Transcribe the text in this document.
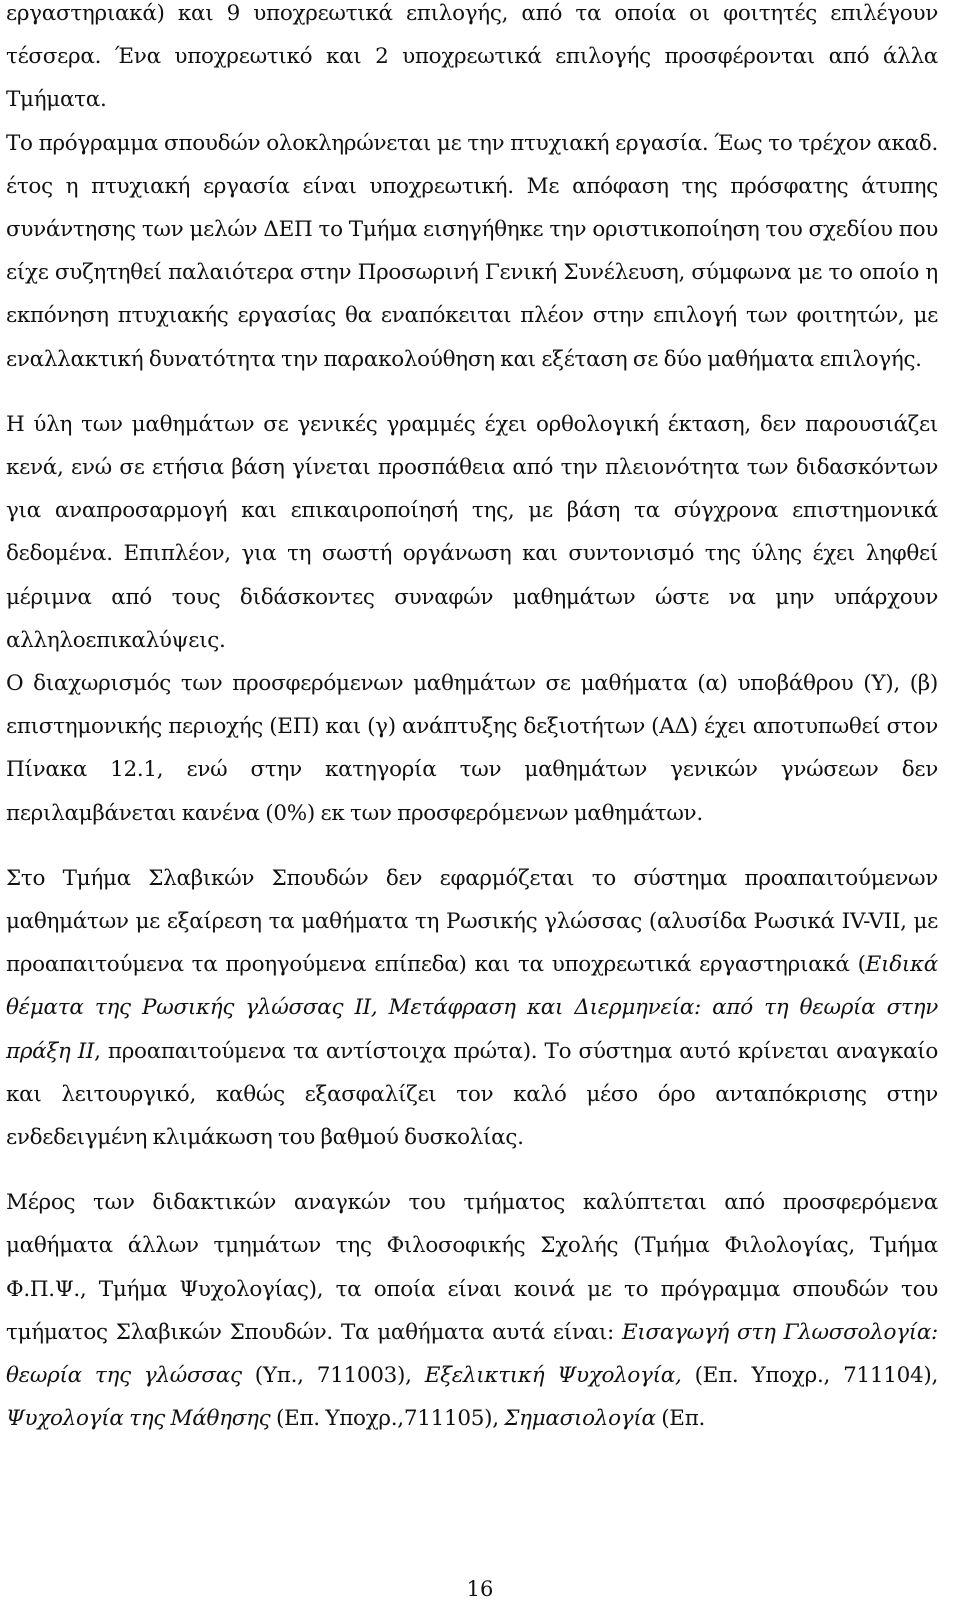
εργαστηριακά) και 9 υποχρεωτικά επιλογής, από τα οποία οι φοιτητές επιλέγουν τέσσερα. Ένα υποχρεωτικό και 2 υποχρεωτικά επιλογής προσφέρονται από άλλα Τμήματα.

Το πρόγραμμα σπουδών ολοκληρώνεται με την πτυχιακή εργασία. Έως το τρέχον ακαδ. έτος η πτυχιακή εργασία είναι υποχρεωτική. Με απόφαση της πρόσφατης άτυπης συνάντησης των μελών ΔΕΠ το Τμήμα εισηγήθηκε την οριστικοποίηση του σχεδίου που είχε συζητηθεί παλαιότερα στην Προσωρινή Γενική Συνέλευση, σύμφωνα με το οποίο η εκπόνηση πτυχιακής εργασίας θα εναπόκειται πλέον στην επιλογή των φοιτητών, με εναλλακτική δυνατότητα την παρακολούθηση και εξέταση σε δύο μαθήματα επιλογής.

Η ύλη των μαθημάτων σε γενικές γραμμές έχει ορθολογική έκταση, δεν παρουσιάζει κενά, ενώ σε ετήσια βάση γίνεται προσπάθεια από την πλειονότητα των διδασκόντων για αναπροσαρμογή και επικαιροποίησή της, με βάση τα σύγχρονα επιστημονικά δεδομένα. Επιπλέον, για τη σωστή οργάνωση και συντονισμό της ύλης έχει ληφθεί μέριμνα από τους διδάσκοντες συναφών μαθημάτων ώστε να μην υπάρχουν αλληλοεπικαλύψεις.

Ο διαχωρισμός των προσφερόμενων μαθημάτων σε μαθήματα (α) υποβάθρου (Υ), (β) επιστημονικής περιοχής (ΕΠ) και (γ) ανάπτυξης δεξιοτήτων (ΑΔ) έχει αποτυπωθεί στον Πίνακα 12.1, ενώ στην κατηγορία των μαθημάτων γενικών γνώσεων δεν περιλαμβάνεται κανένα (0%) εκ των προσφερόμενων μαθημάτων.

Στο Τμήμα Σλαβικών Σπουδών δεν εφαρμόζεται το σύστημα προαπαιτούμενων μαθημάτων με εξαίρεση τα μαθήματα τη Ρωσικής γλώσσας (αλυσίδα Ρωσικά IV-VII, με προαπαιτούμενα τα προηγούμενα επίπεδα) και τα υποχρεωτικά εργαστηριακά (Ειδικά θέματα της Ρωσικής γλώσσας ΙΙ, Μετάφραση και Διερμηνεία: από τη θεωρία στην πράξη ΙΙ, προαπαιτούμενα τα αντίστοιχα πρώτα). Το σύστημα αυτό κρίνεται αναγκαίο και λειτουργικό, καθώς εξασφαλίζει τον καλό μέσο όρο ανταπόκρισης στην ενδεδειγμένη κλιμάκωση του βαθμού δυσκολίας.

Μέρος των διδακτικών αναγκών του τμήματος καλύπτεται από προσφερόμενα μαθήματα άλλων τμημάτων της Φιλοσοφικής Σχολής (Τμήμα Φιλολογίας, Τμήμα Φ.Π.Ψ., Τμήμα Ψυχολογίας), τα οποία είναι κοινά με το πρόγραμμα σπουδών του τμήματος Σλαβικών Σπουδών. Τα μαθήματα αυτά είναι: Εισαγωγή στη Γλωσσολογία: θεωρία της γλώσσας (Υπ., 711003), Εξελικτική Ψυχολογία, (Επ. Υποχρ., 711104), Ψυχολογία της Μάθησης (Επ. Υποχρ.,711105), Σημασιολογία (Επ.

16
